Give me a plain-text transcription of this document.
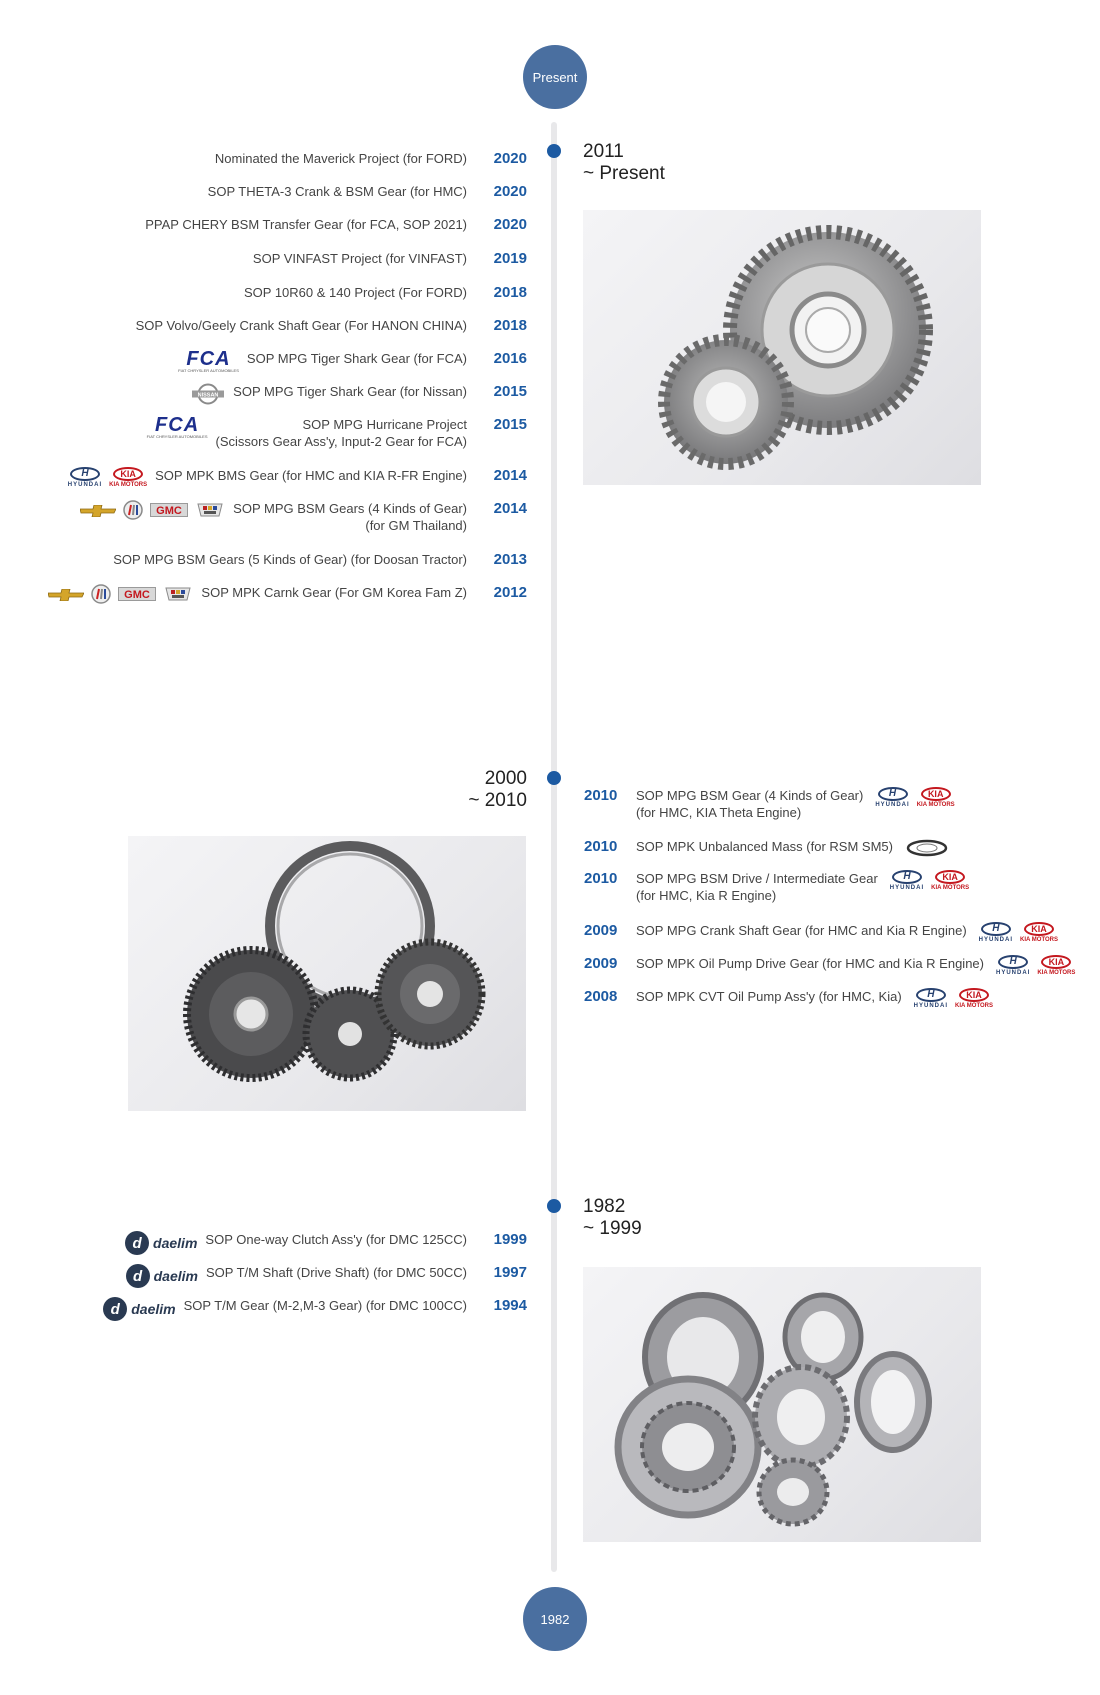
Present
1982
2011
~ Present
2000
~ 2010
1982
~ 1999
Nominated the Maverick Project (for FORD)	2020
SOP THETA-3 Crank & BSM Gear (for HMC)	2020
PPAP CHERY BSM Transfer Gear (for FCA, SOP 2021)	2020
SOP VINFAST Project (for VINFAST)	2019
SOP 10R60 & 140 Project (For FORD)	2018
SOP Volvo/Geely Crank Shaft Gear (For HANON CHINA)	2018
FCA
FIAT CHRYSLER AUTOMOBILES
SOP MPG Tiger Shark Gear (for FCA)	2016
NISSAN SOP MPG Tiger Shark Gear (for Nissan)	2015
FCA
FIAT CHRYSLER AUTOMOBILES
SOP MPG Hurricane Project
(Scissors Gear Ass'y, Input-2 Gear for FCA)
2015
H
HYUNDAI
KIA
KIA MOTORS
SOP MPK BMS Gear (for HMC and KIA R-FR Engine)	2014
GMC	SOP MPG BSM Gears (4 Kinds of Gear)
(for GM Thailand)
2014
SOP MPG BSM Gears (5 Kinds of Gear) (for Doosan Tractor)	2013
GMC	SOP MPK Carnk Gear (For GM Korea Fam Z)	2012
2010	SOP MPG BSM Gear (4 Kinds of Gear)
(for HMC, KIA Theta Engine)
H
HYUNDAI
KIA
KIA MOTORS
2010	SOP MPK Unbalanced Mass (for RSM SM5)
2010	SOP MPG BSM Drive / Intermediate Gear
(for HMC, Kia R Engine)
H
HYUNDAI
KIA
KIA MOTORS
2009	SOP MPG Crank Shaft Gear (for HMC and Kia R Engine)	H
HYUNDAI
KIA
KIA MOTORS
2009	SOP MPK Oil Pump Drive Gear (for HMC and Kia R Engine)	H
HYUNDAI
KIA
KIA MOTORS
2008	SOP MPK CVT Oil Pump Ass'y (for HMC, Kia)	H
HYUNDAI
KIA
KIA MOTORS
d daelim SOP One-way Clutch Ass'y (for DMC 125CC)	1999
d daelim SOP T/M Shaft (Drive Shaft) (for DMC 50CC)	1997
d daelim SOP T/M Gear (M-2,M-3 Gear) (for DMC 100CC)	1994
